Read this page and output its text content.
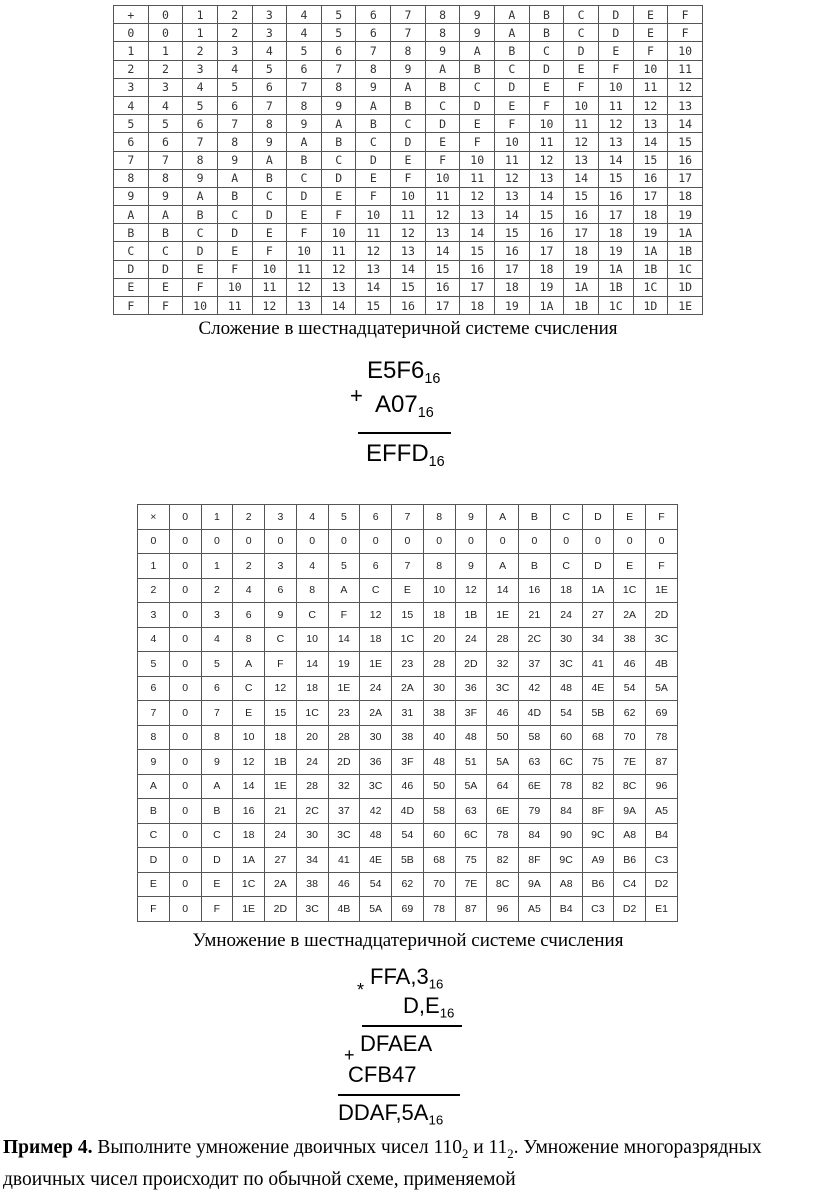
+	0	1	2	3	4	5	6	7	8	9	A	B	C	D	E	F
0	0	1	2	3	4	5	6	7	8	9	A	B	C	D	E	F
1	1	2	3	4	5	6	7	8	9	A	B	C	D	E	F	10
2	2	3	4	5	6	7	8	9	A	B	C	D	E	F	10	11
3	3	4	5	6	7	8	9	A	B	C	D	E	F	10	11	12
4	4	5	6	7	8	9	A	B	C	D	E	F	10	11	12	13
5	5	6	7	8	9	A	B	C	D	E	F	10	11	12	13	14
6	6	7	8	9	A	B	C	D	E	F	10	11	12	13	14	15
7	7	8	9	A	B	C	D	E	F	10	11	12	13	14	15	16
8	8	9	A	B	C	D	E	F	10	11	12	13	14	15	16	17
9	9	A	B	C	D	E	F	10	11	12	13	14	15	16	17	18
A	A	B	C	D	E	F	10	11	12	13	14	15	16	17	18	19
B	B	C	D	E	F	10	11	12	13	14	15	16	17	18	19	1A
C	C	D	E	F	10	11	12	13	14	15	16	17	18	19	1A	1B
D	D	E	F	10	11	12	13	14	15	16	17	18	19	1A	1B	1C
E	E	F	10	11	12	13	14	15	16	17	18	19	1A	1B	1C	1D
F	F	10	11	12	13	14	15	16	17	18	19	1A	1B	1C	1D	1E
Сложение в шестнадцатеричной системе счисления
+
$E5F6_{16}$
$A07_{16}$
$EFFD_{16}$
×	0	1	2	3	4	5	6	7	8	9	A	B	C	D	E	F
0	0	0	0	0	0	0	0	0	0	0	0	0	0	0	0	0
1	0	1	2	3	4	5	6	7	8	9	A	B	C	D	E	F
2	0	2	4	6	8	A	C	E	10	12	14	16	18	1A	1C	1E
3	0	3	6	9	C	F	12	15	18	1B	1E	21	24	27	2A	2D
4	0	4	8	C	10	14	18	1C	20	24	28	2C	30	34	38	3C
5	0	5	A	F	14	19	1E	23	28	2D	32	37	3C	41	46	4B
6	0	6	C	12	18	1E	24	2A	30	36	3C	42	48	4E	54	5A
7	0	7	E	15	1C	23	2A	31	38	3F	46	4D	54	5B	62	69
8	0	8	10	18	20	28	30	38	40	48	50	58	60	68	70	78
9	0	9	12	1B	24	2D	36	3F	48	51	5A	63	6C	75	7E	87
A	0	A	14	1E	28	32	3C	46	50	5A	64	6E	78	82	8C	96
B	0	B	16	21	2C	37	42	4D	58	63	6E	79	84	8F	9A	A5
C	0	C	18	24	30	3C	48	54	60	6C	78	84	90	9C	A8	B4
D	0	D	1A	27	34	41	4E	5B	68	75	82	8F	9C	A9	B6	C3
E	0	E	1C	2A	38	46	54	62	70	7E	8C	9A	A8	B6	C4	D2
F	0	F	1E	2D	3C	4B	5A	69	78	87	96	A5	B4	C3	D2	E1
Умножение в шестнадцатеричной системе счисления
*
$FFA,3_{16}$
$D,E_{16}$
+ DFAEA
CFB47
$DDAF,5A_{16}$
Пример 4. Выполните умножение двоичных чисел $110_2$ и $11_2$. Умножение многоразрядных двоичных чисел происходит по обычной схеме, применяемой
